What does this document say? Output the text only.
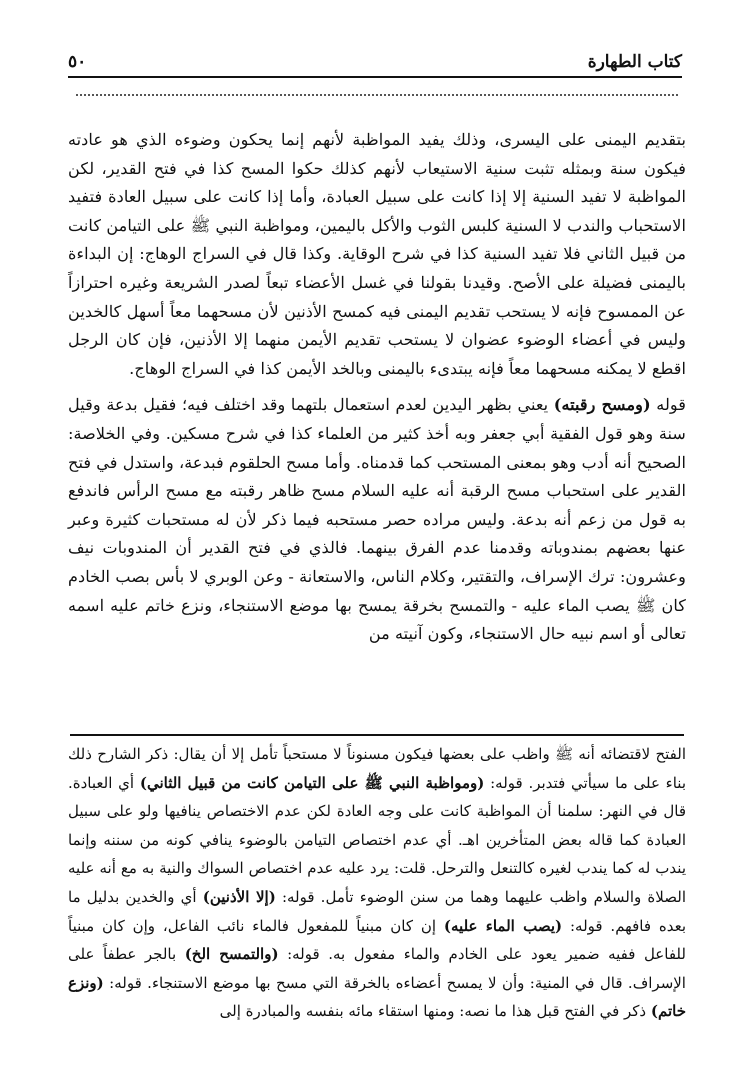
كتاب الطهارة
٥٠

بتقديم اليمنى على اليسرى، وذلك يفيد المواظبة لأنهم إنما يحكون وضوءه الذي هو عادته فيكون سنة وبمثله تثبت سنية الاستيعاب لأنهم كذلك حكوا المسح كذا في فتح القدير، لكن المواظبة لا تفيد السنية إلا إذا كانت على سبيل العبادة، وأما إذا كانت على سبيل العادة فتفيد الاستحباب والندب لا السنية كلبس الثوب والأكل باليمين، ومواظبة النبي ﷺ على التيامن كانت من قبيل الثاني فلا تفيد السنية كذا في شرح الوقاية. وكذا قال في السراج الوهاج: إن البداءة باليمنى فضيلة على الأصح. وقيدنا بقولنا في غسل الأعضاء تبعاً لصدر الشريعة وغيره احترازاً عن الممسوح فإنه لا يستحب تقديم اليمنى فيه كمسح الأذنين لأن مسحهما معاً أسهل كالخدين وليس في أعضاء الوضوء عضوان لا يستحب تقديم الأيمن منهما إلا الأذنين، فإن كان الرجل اقطع لا يمكنه مسحهما معاً فإنه يبتدىء باليمنى وبالخد الأيمن كذا في السراج الوهاج.

قوله (ومسح رقبته) يعني بظهر اليدين لعدم استعمال بلتهما وقد اختلف فيه؛ فقيل بدعة وقيل سنة وهو قول الفقية أبي جعفر وبه أخذ كثير من العلماء كذا في شرح مسكين. وفي الخلاصة: الصحيح أنه أدب وهو بمعنى المستحب كما قدمناه. وأما مسح الحلقوم فبدعة، واستدل في فتح القدير على استحباب مسح الرقبة أنه عليه السلام مسح ظاهر رقبته مع مسح الرأس فاندفع به قول من زعم أنه بدعة. وليس مراده حصر مستحبه فيما ذكر لأن له مستحبات كثيرة وعبر عنها بعضهم بمندوباته وقدمنا عدم الفرق بينهما. فالذي في فتح القدير أن المندوبات نيف وعشرون: ترك الإسراف، والتقتير، وكلام الناس، والاستعانة - وعن الوبري لا بأس بصب الخادم كان ﷺ يصب الماء عليه - والتمسح بخرقة يمسح بها موضع الاستنجاء، ونزع خاتم عليه اسمه تعالى أو اسم نبيه حال الاستنجاء، وكون آنيته من

الفتح لاقتضائه أنه ﷺ واظب على بعضها فيكون مسنوناً لا مستحباً تأمل إلا أن يقال: ذكر الشارح ذلك بناء على ما سيأتي فتدبر. قوله: (ومواظبة النبي ﷺ على التيامن كانت من قبيل الثاني) أي العبادة. قال في النهر: سلمنا أن المواظبة كانت على وجه العادة لكن عدم الاختصاص ينافيها ولو على سبيل العبادة كما قاله بعض المتأخرين اهـ. أي عدم اختصاص التيامن بالوضوء ينافي كونه من سننه وإنما يندب له كما يندب لغيره كالتنعل والترحل. قلت: يرد عليه عدم اختصاص السواك والنية به مع أنه عليه الصلاة والسلام واظب عليهما وهما من سنن الوضوء تأمل. قوله: (إلا الأذنين) أي والخدين بدليل ما بعده فافهم. قوله: (يصب الماء عليه) إن كان مبنياً للمفعول فالماء نائب الفاعل، وإن كان مبنياً للفاعل ففيه ضمير يعود على الخادم والماء مفعول به. قوله: (والتمسح الخ) بالجر عطفاً على الإسراف. قال في المنية: وأن لا يمسح أعضاءه بالخرقة التي مسح بها موضع الاستنجاء. قوله: (ونزع خاتم) ذكر في الفتح قبل هذا ما نصه: ومنها استقاء مائه بنفسه والمبادرة إلى
